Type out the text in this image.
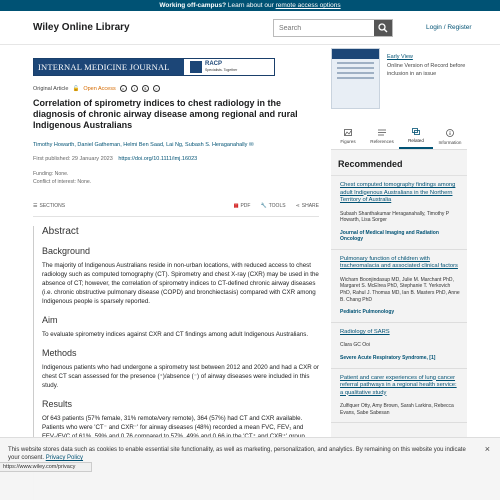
Working off-campus? Learn about our remote access options
Wiley Online Library
Search	Login / Register
INTERNAL MEDICINE JOURNAL	RACP
Specialists. Together
Original Article 🔓 Open Access	c	i	$	=
Correlation of spirometry indices to chest radiology in the diagnosis of chronic airway disease among regional and rural Indigenous Australians
Timothy Howarth, Daniel Gatheman, Helmi Ben Saad, Lai Ng, Subash S. Heraganahally ✉
First published: 29 January 2023 https://doi.org/10.1111/imj.16023
Funding: None.
Conflict of interest: None.
☰ SECTIONS	▤ PDF 🔧 TOOLS ⋖ SHARE
Abstract
Background
The majority of Indigenous Australians reside in non-urban locations, with reduced access to chest radiology such as computed tomography (CT). Spirometry and chest X-ray (CXR) may be used in the absence of CT; however, the correlation of spirometry indices to CT-defined chronic airway diseases (i.e. chronic obstructive pulmonary disease (COPD) and bronchiectasis) compared with CXR among Indigenous people is sparsely reported.
Aim
To evaluate spirometry indices against CXR and CT findings among adult Indigenous Australians.
Methods
Indigenous patients who had undergone a spirometry test between 2012 and 2020 and had a CXR or chest CT scan assessed for the presence (⁺)/absence (⁻) of airway diseases were included in this study.
Results
Of 643 patients (57% female, 31% remote/very remote), 364 (57%) had CT and CXR available. Patients who were 'CT⁻ and CXR⁻' for airway diseases (48%) recorded a mean FVC, FEV₁ and
Early View
Online Version of Record before inclusion in an issue
Figures	References	Related	Information
Recommended
Chest computed tomography findings among adult Indigenous Australians in the Northern Territory of Australia
Subash Shanthakumar Heraganahally, Timothy P Howarth, Lisa Sorger
Journal of Medical Imaging and Radiation Oncology
Pulmonary function of children with tracheomalacia and associated clinical factors
Wicharn Boonjindasup MD, Julie M. Marchant PhD, Margaret S. McElrea PhD, Stephanie T. Yerkovich PhD, Rahul J. Thomas MD, Ian B. Masters PhD, Anne B. Chang PhD
Pediatric Pulmonology
Radiology of SARS
Clara GC Ooi
Severe Acute Respiratory Syndrome, [1]
Patient and carer experiences of lung cancer referral pathways in a regional health service: a qualitative study
Zulfiquer Otty, Amy Brown, Sarah Larkins, Rebecca Evans, Sabe Sabesan
This website stores data such as cookies to enable essential site functionality, as well as marketing, personalization, and analytics. By remaining on this website you indicate your consent. Privacy Policy
×
https://www.wiley.com/privacy
